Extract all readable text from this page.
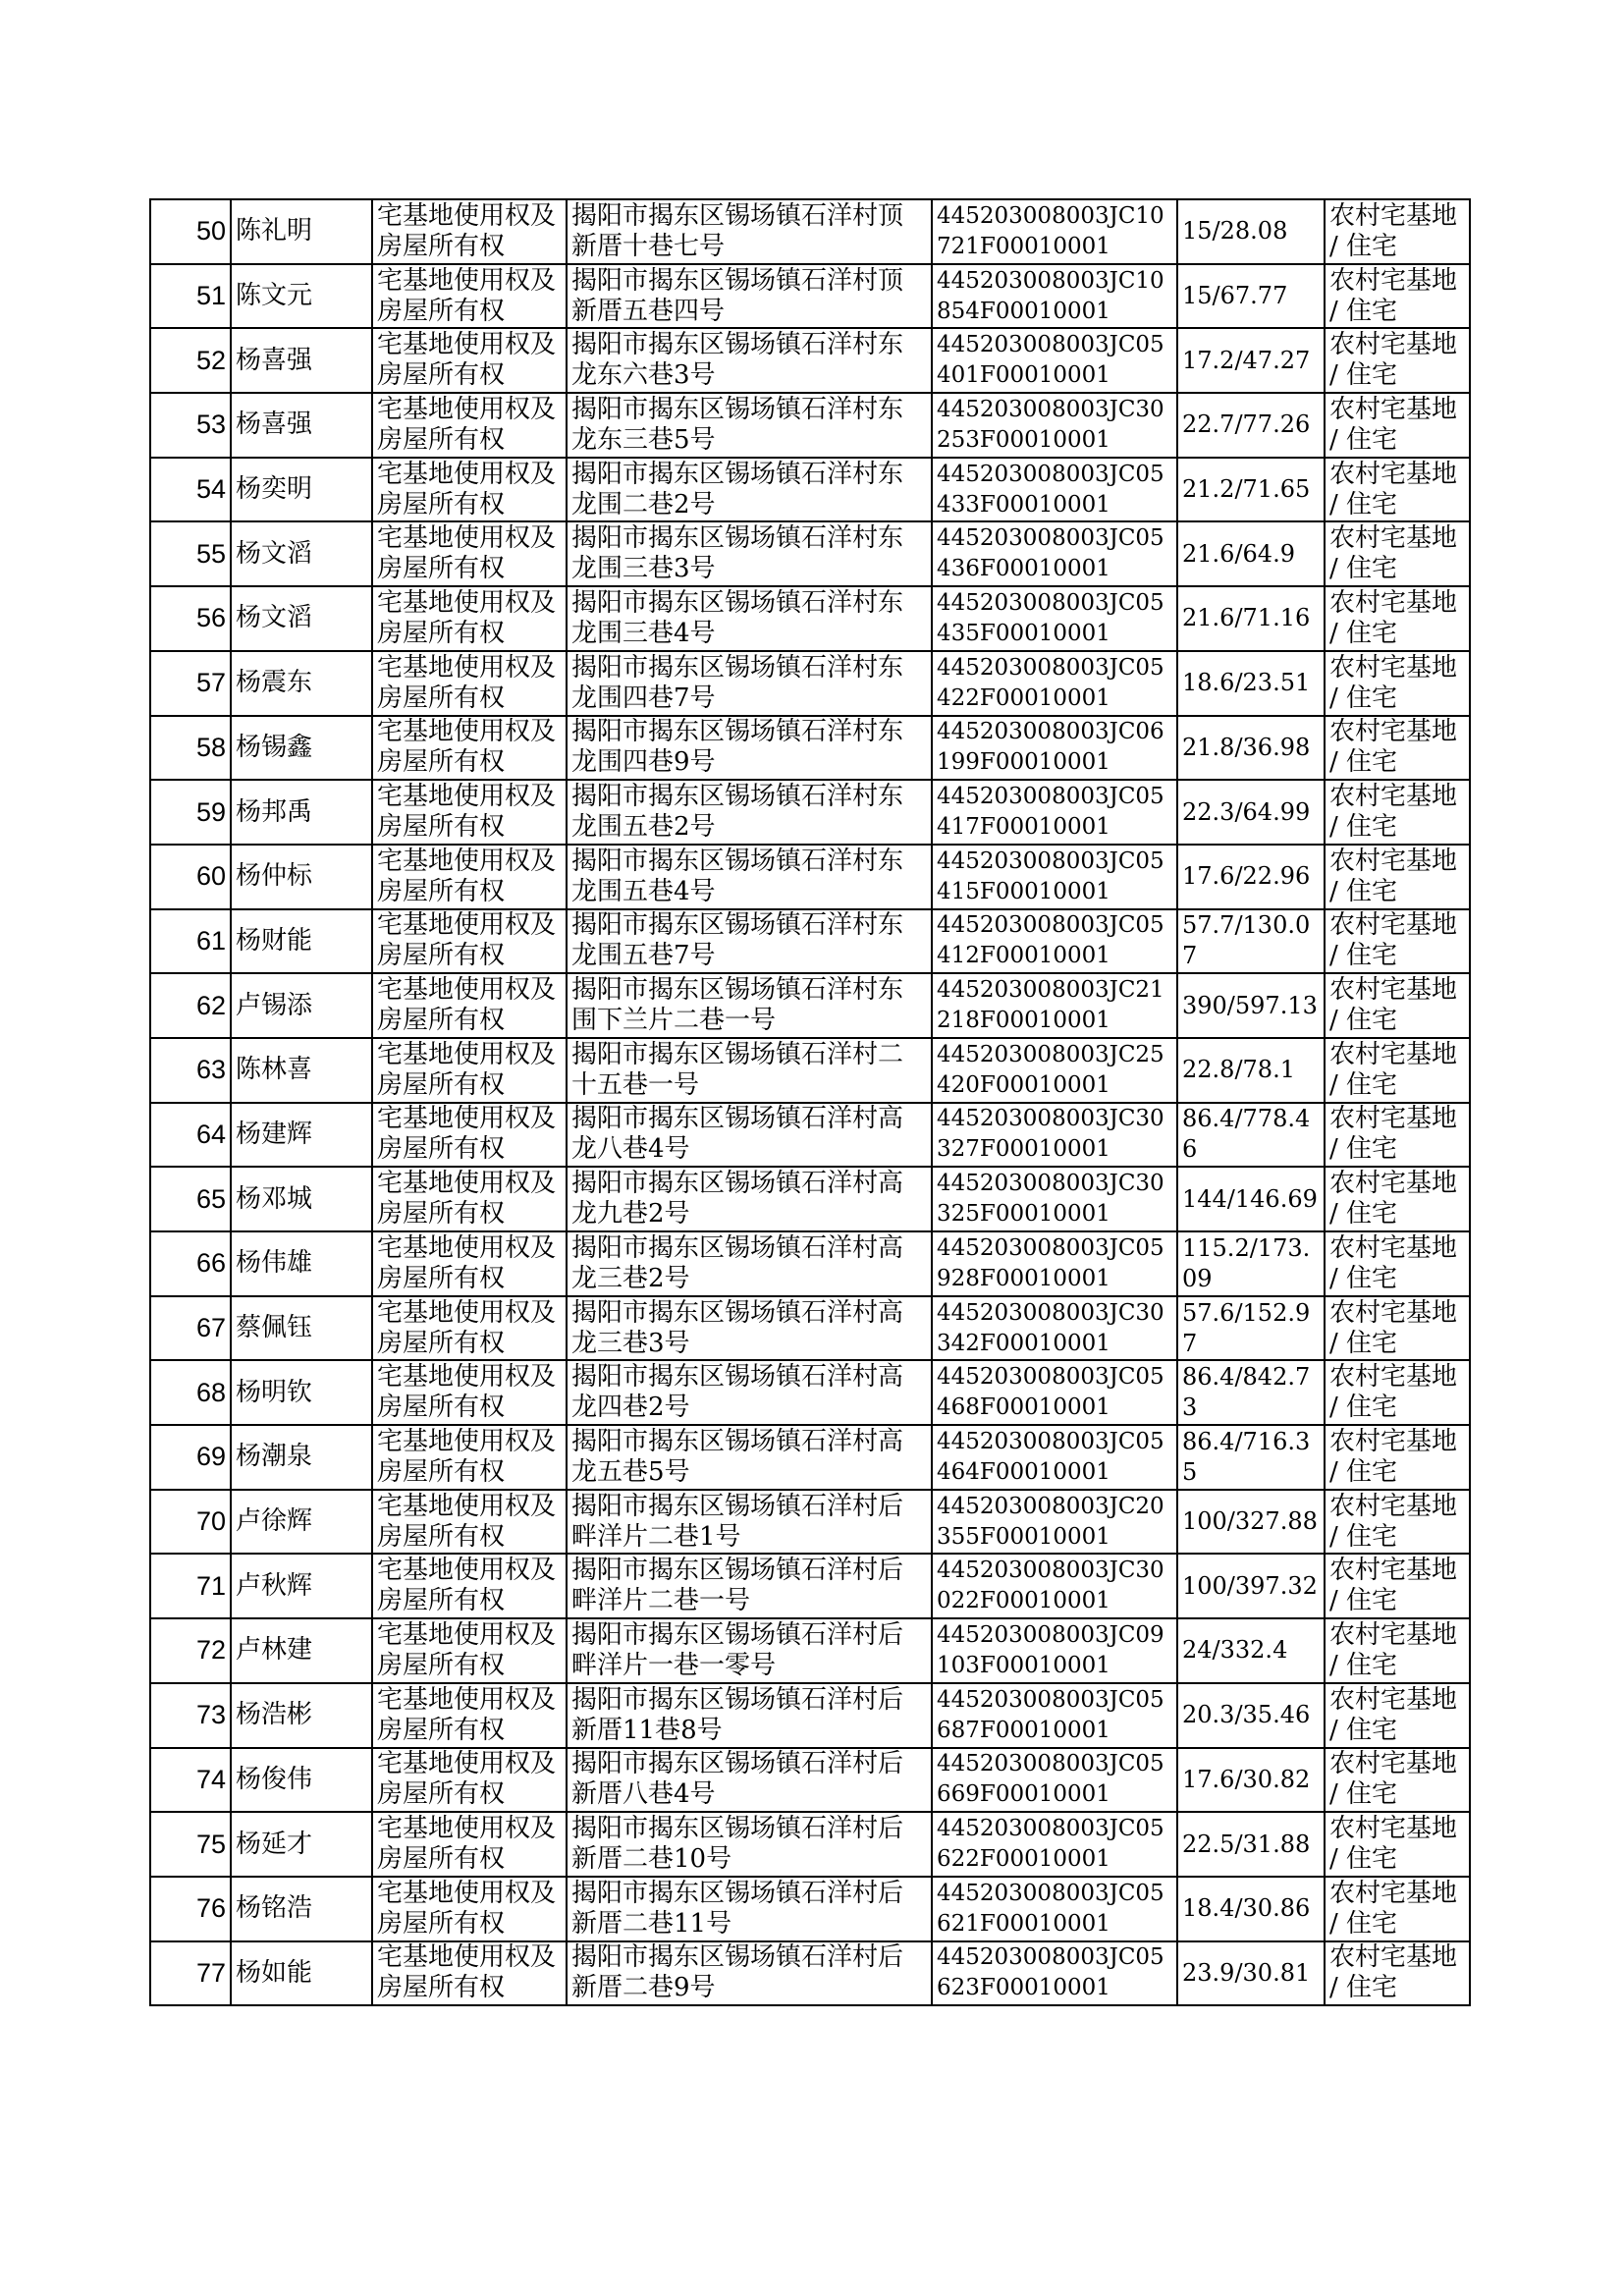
50	陈礼明	宅基地使用权及房屋所有权	揭阳市揭东区锡场镇石洋村顶新厝十巷七号	445203008003JC10721F00010001	15/28.08	农村宅基地 / 住宅
51	陈文元	宅基地使用权及房屋所有权	揭阳市揭东区锡场镇石洋村顶新厝五巷四号	445203008003JC10854F00010001	15/67.77	农村宅基地 / 住宅
52	杨喜强	宅基地使用权及房屋所有权	揭阳市揭东区锡场镇石洋村东龙东六巷3号	445203008003JC05401F00010001	17.2/47.27	农村宅基地 / 住宅
53	杨喜强	宅基地使用权及房屋所有权	揭阳市揭东区锡场镇石洋村东龙东三巷5号	445203008003JC30253F00010001	22.7/77.26	农村宅基地 / 住宅
54	杨奕明	宅基地使用权及房屋所有权	揭阳市揭东区锡场镇石洋村东龙围二巷2号	445203008003JC05433F00010001	21.2/71.65	农村宅基地 / 住宅
55	杨文滔	宅基地使用权及房屋所有权	揭阳市揭东区锡场镇石洋村东龙围三巷3号	445203008003JC05436F00010001	21.6/64.9	农村宅基地 / 住宅
56	杨文滔	宅基地使用权及房屋所有权	揭阳市揭东区锡场镇石洋村东龙围三巷4号	445203008003JC05435F00010001	21.6/71.16	农村宅基地 / 住宅
57	杨震东	宅基地使用权及房屋所有权	揭阳市揭东区锡场镇石洋村东龙围四巷7号	445203008003JC05422F00010001	18.6/23.51	农村宅基地 / 住宅
58	杨锡鑫	宅基地使用权及房屋所有权	揭阳市揭东区锡场镇石洋村东龙围四巷9号	445203008003JC06199F00010001	21.8/36.98	农村宅基地 / 住宅
59	杨邦禹	宅基地使用权及房屋所有权	揭阳市揭东区锡场镇石洋村东龙围五巷2号	445203008003JC05417F00010001	22.3/64.99	农村宅基地 / 住宅
60	杨仲标	宅基地使用权及房屋所有权	揭阳市揭东区锡场镇石洋村东龙围五巷4号	445203008003JC05415F00010001	17.6/22.96	农村宅基地 / 住宅
61	杨财能	宅基地使用权及房屋所有权	揭阳市揭东区锡场镇石洋村东龙围五巷7号	445203008003JC05412F00010001	57.7/130.07	农村宅基地 / 住宅
62	卢锡添	宅基地使用权及房屋所有权	揭阳市揭东区锡场镇石洋村东围下兰片二巷一号	445203008003JC21218F00010001	390/597.13	农村宅基地 / 住宅
63	陈林喜	宅基地使用权及房屋所有权	揭阳市揭东区锡场镇石洋村二十五巷一号	445203008003JC25420F00010001	22.8/78.1	农村宅基地 / 住宅
64	杨建辉	宅基地使用权及房屋所有权	揭阳市揭东区锡场镇石洋村高龙八巷4号	445203008003JC30327F00010001	86.4/778.46	农村宅基地 / 住宅
65	杨邓城	宅基地使用权及房屋所有权	揭阳市揭东区锡场镇石洋村高龙九巷2号	445203008003JC30325F00010001	144/146.69	农村宅基地 / 住宅
66	杨伟雄	宅基地使用权及房屋所有权	揭阳市揭东区锡场镇石洋村高龙三巷2号	445203008003JC05928F00010001	115.2/173.09	农村宅基地 / 住宅
67	蔡佩钰	宅基地使用权及房屋所有权	揭阳市揭东区锡场镇石洋村高龙三巷3号	445203008003JC30342F00010001	57.6/152.97	农村宅基地 / 住宅
68	杨明钦	宅基地使用权及房屋所有权	揭阳市揭东区锡场镇石洋村高龙四巷2号	445203008003JC05468F00010001	86.4/842.73	农村宅基地 / 住宅
69	杨潮泉	宅基地使用权及房屋所有权	揭阳市揭东区锡场镇石洋村高龙五巷5号	445203008003JC05464F00010001	86.4/716.35	农村宅基地 / 住宅
70	卢徐辉	宅基地使用权及房屋所有权	揭阳市揭东区锡场镇石洋村后畔洋片二巷1号	445203008003JC20355F00010001	100/327.88	农村宅基地 / 住宅
71	卢秋辉	宅基地使用权及房屋所有权	揭阳市揭东区锡场镇石洋村后畔洋片二巷一号	445203008003JC30022F00010001	100/397.32	农村宅基地 / 住宅
72	卢林建	宅基地使用权及房屋所有权	揭阳市揭东区锡场镇石洋村后畔洋片一巷一零号	445203008003JC09103F00010001	24/332.4	农村宅基地 / 住宅
73	杨浩彬	宅基地使用权及房屋所有权	揭阳市揭东区锡场镇石洋村后新厝11巷8号	445203008003JC05687F00010001	20.3/35.46	农村宅基地 / 住宅
74	杨俊伟	宅基地使用权及房屋所有权	揭阳市揭东区锡场镇石洋村后新厝八巷4号	445203008003JC05669F00010001	17.6/30.82	农村宅基地 / 住宅
75	杨延才	宅基地使用权及房屋所有权	揭阳市揭东区锡场镇石洋村后新厝二巷10号	445203008003JC05622F00010001	22.5/31.88	农村宅基地 / 住宅
76	杨铭浩	宅基地使用权及房屋所有权	揭阳市揭东区锡场镇石洋村后新厝二巷11号	445203008003JC05621F00010001	18.4/30.86	农村宅基地 / 住宅
77	杨如能	宅基地使用权及房屋所有权	揭阳市揭东区锡场镇石洋村后新厝二巷9号	445203008003JC05623F00010001	23.9/30.81	农村宅基地 / 住宅
